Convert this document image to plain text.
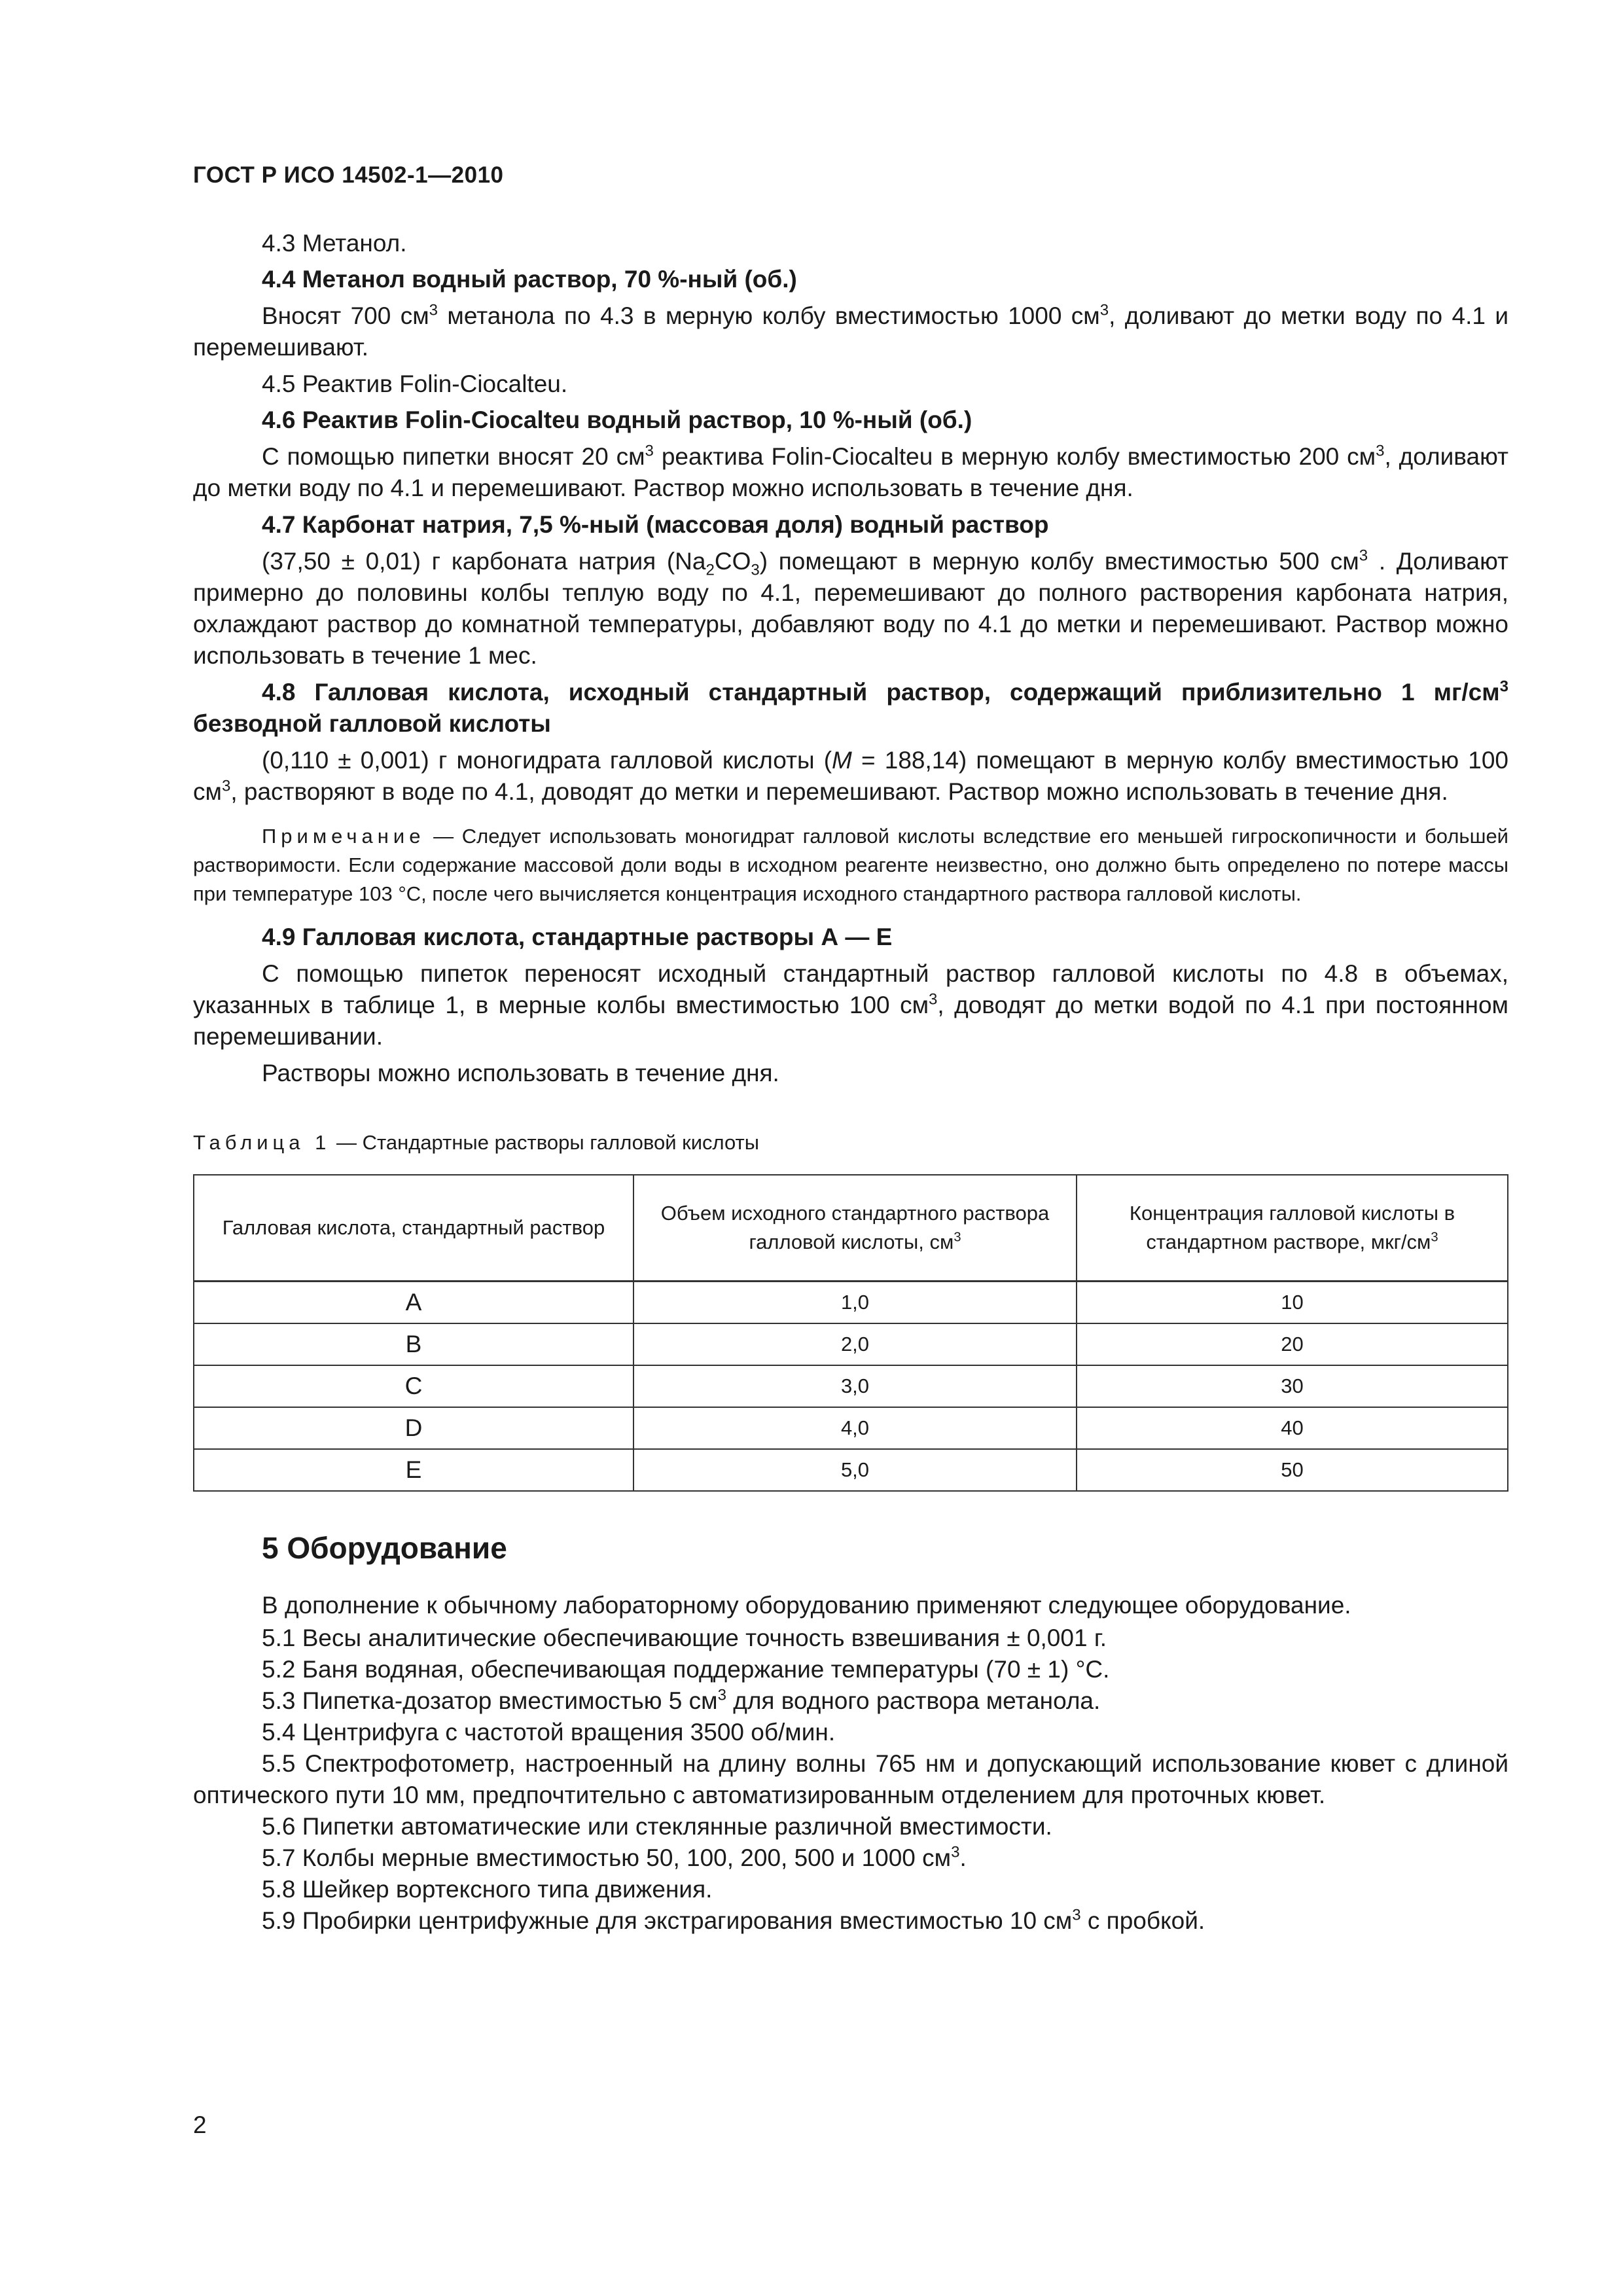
ГОСТ Р ИСО 14502-1—2010

4.3 Метанол.

4.4 Метанол водный раствор, 70 %-ный (об.)

Вносят 700 $см^3$ метанола по 4.3 в мерную колбу вместимостью 1000 $см^3$, доливают до метки воду по 4.1 и перемешивают.

4.5 Реактив Folin-Ciocalteu.

4.6 Реактив Folin-Ciocalteu водный раствор, 10 %-ный (об.)

С помощью пипетки вносят 20 $см^3$ реактива Folin-Ciocalteu в мерную колбу вместимостью 200 $см^3$, доливают до метки воду по 4.1 и перемешивают. Раствор можно использовать в течение дня.

4.7 Карбонат натрия, 7,5 %-ный (массовая доля) водный раствор

(37,50 ± 0,01) г карбоната натрия $(Na_2CO_3)$ помещают в мерную колбу вместимостью 500 $см^3$ . Доливают примерно до половины колбы теплую воду по 4.1, перемешивают до полного растворения карбоната натрия, охлаждают раствор до комнатной температуры, добавляют воду по 4.1 до метки и перемешивают. Раствор можно использовать в течение 1 мес.

4.8 Галловая кислота, исходный стандартный раствор, содержащий приблизительно 1 $мг/см^3$ безводной галловой кислоты

(0,110 ± 0,001) г моногидрата галловой кислоты (M = 188,14) помещают в мерную колбу вместимостью 100 $см^3$, растворяют в воде по 4.1, доводят до метки и перемешивают. Раствор можно использовать в течение дня.

Примечание — Следует использовать моногидрат галловой кислоты вследствие его меньшей гигроскопичности и большей растворимости. Если содержание массовой доли воды в исходном реагенте неизвестно, оно должно быть определено по потере массы при температуре 103 °С, после чего вычисляется концентрация исходного стандартного раствора галловой кислоты.

4.9 Галловая кислота, стандартные растворы А — Е

С помощью пипеток переносят исходный стандартный раствор галловой кислоты по 4.8 в объемах, указанных в таблице 1, в мерные колбы вместимостью 100 $см^3$, доводят до метки водой по 4.1 при постоянном перемешивании.

Растворы можно использовать в течение дня.

Таблица 1 — Стандартные растворы галловой кислоты

Галловая кислота, стандартный раствор	Объем исходного стандартного раствора галловой кислоты, $см^3$	Концентрация галловой кислоты в стандартном растворе, мкг/$см^3$
A	1,0	10
B	2,0	20
C	3,0	30
D	4,0	40
E	5,0	50

5 Оборудование

В дополнение к обычному лабораторному оборудованию применяют следующее оборудование.

5.1 Весы аналитические обеспечивающие точность взвешивания ± 0,001 г.

5.2 Баня водяная, обеспечивающая поддержание температуры (70 ± 1) °С.

5.3 Пипетка-дозатор вместимостью 5 $см^3$ для водного раствора метанола.

5.4 Центрифуга с частотой вращения 3500 об/мин.

5.5 Спектрофотометр, настроенный на длину волны 765 нм и допускающий использование кювет с длиной оптического пути 10 мм, предпочтительно с автоматизированным отделением для проточных кювет.

5.6 Пипетки автоматические или стеклянные различной вместимости.

5.7 Колбы мерные вместимостью 50, 100, 200, 500 и 1000 $см^3$.

5.8 Шейкер вортексного типа движения.

5.9 Пробирки центрифужные для экстрагирования вместимостью 10 $см^3$ с пробкой.

2
